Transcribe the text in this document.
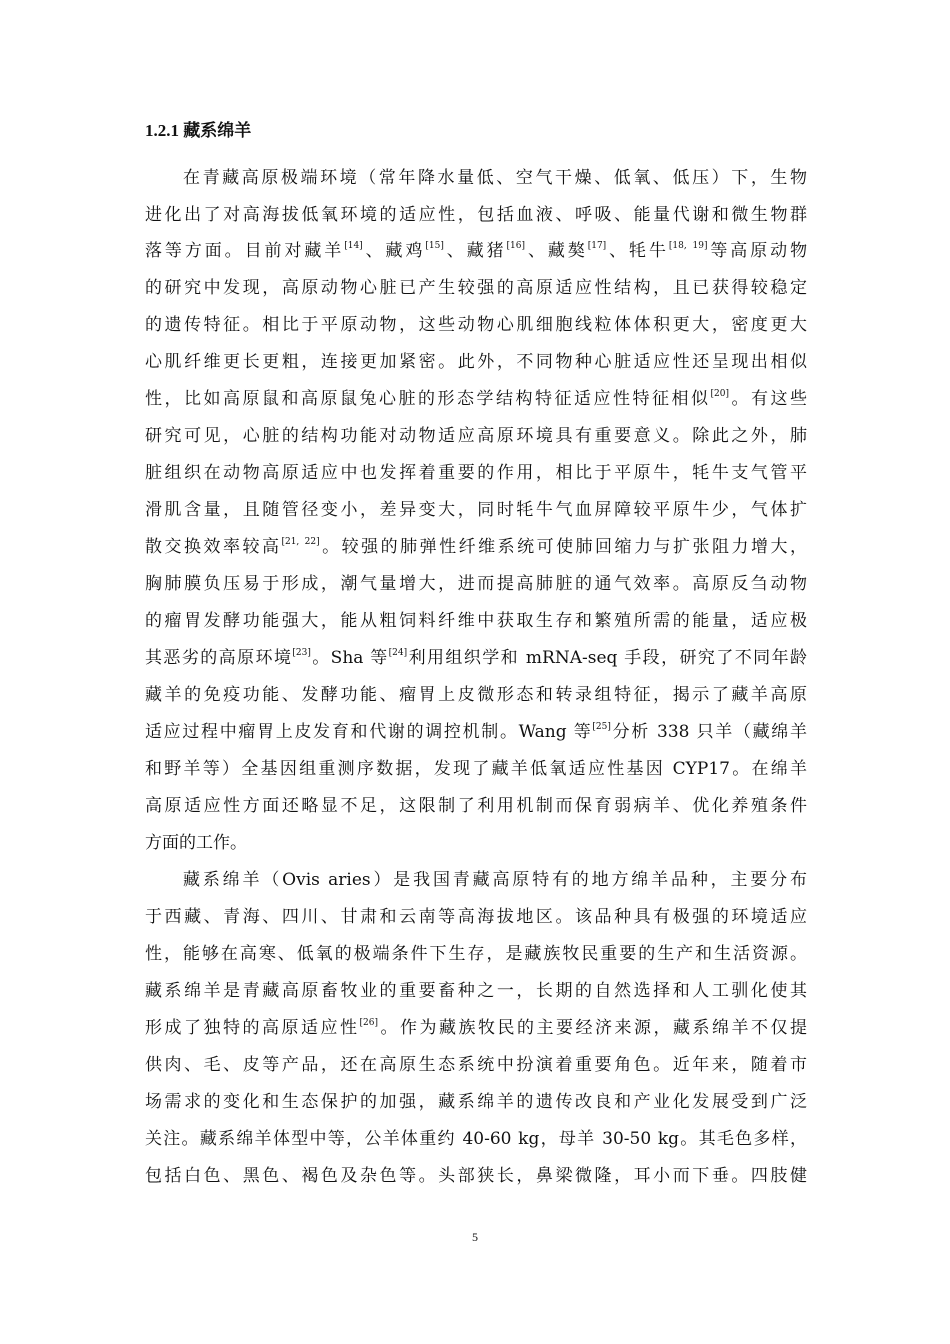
1.2.1 藏系绵羊
在青藏高原极端环境（常年降水量低、空气干燥、低氧、低压）下，生物
进化出了对高海拔低氧环境的适应性，包括血液、呼吸、能量代谢和微生物群
落等方面。目前对藏羊[14]、藏鸡[15]、藏猪[16]、藏獒[17]、牦牛[18, 19]等高原动物
的研究中发现，高原动物心脏已产生较强的高原适应性结构，且已获得较稳定
的遗传特征。相比于平原动物，这些动物心肌细胞线粒体体积更大，密度更大
心肌纤维更长更粗，连接更加紧密。此外，不同物种心脏适应性还呈现出相似
性，比如高原鼠和高原鼠兔心脏的形态学结构特征适应性特征相似[20]。有这些
研究可见，心脏的结构功能对动物适应高原环境具有重要意义。除此之外，肺
脏组织在动物高原适应中也发挥着重要的作用，相比于平原牛，牦牛支气管平
滑肌含量，且随管径变小，差异变大，同时牦牛气血屏障较平原牛少，气体扩
散交换效率较高[21, 22]。较强的肺弹性纤维系统可使肺回缩力与扩张阻力增大，
胸肺膜负压易于形成，潮气量增大，进而提高肺脏的通气效率。高原反刍动物
的瘤胃发酵功能强大，能从粗饲料纤维中获取生存和繁殖所需的能量，适应极
其恶劣的高原环境[23]。Sha 等[24]利用组织学和 mRNA-seq 手段，研究了不同年龄
藏羊的免疫功能、发酵功能、瘤胃上皮微形态和转录组特征，揭示了藏羊高原
适应过程中瘤胃上皮发育和代谢的调控机制。Wang 等[25]分析 338 只羊（藏绵羊
和野羊等）全基因组重测序数据，发现了藏羊低氧适应性基因 CYP17。在绵羊
高原适应性方面还略显不足，这限制了利用机制而保育弱病羊、优化养殖条件
方面的工作。
藏系绵羊（Ovis aries）是我国青藏高原特有的地方绵羊品种，主要分布
于西藏、青海、四川、甘肃和云南等高海拔地区。该品种具有极强的环境适应
性，能够在高寒、低氧的极端条件下生存，是藏族牧民重要的生产和生活资源。
藏系绵羊是青藏高原畜牧业的重要畜种之一，长期的自然选择和人工驯化使其
形成了独特的高原适应性[26]。作为藏族牧民的主要经济来源，藏系绵羊不仅提
供肉、毛、皮等产品，还在高原生态系统中扮演着重要角色。近年来，随着市
场需求的变化和生态保护的加强，藏系绵羊的遗传改良和产业化发展受到广泛
关注。藏系绵羊体型中等，公羊体重约 40-60 kg，母羊 30-50 kg。其毛色多样，
包括白色、黑色、褐色及杂色等。头部狭长，鼻梁微隆，耳小而下垂。四肢健
5
